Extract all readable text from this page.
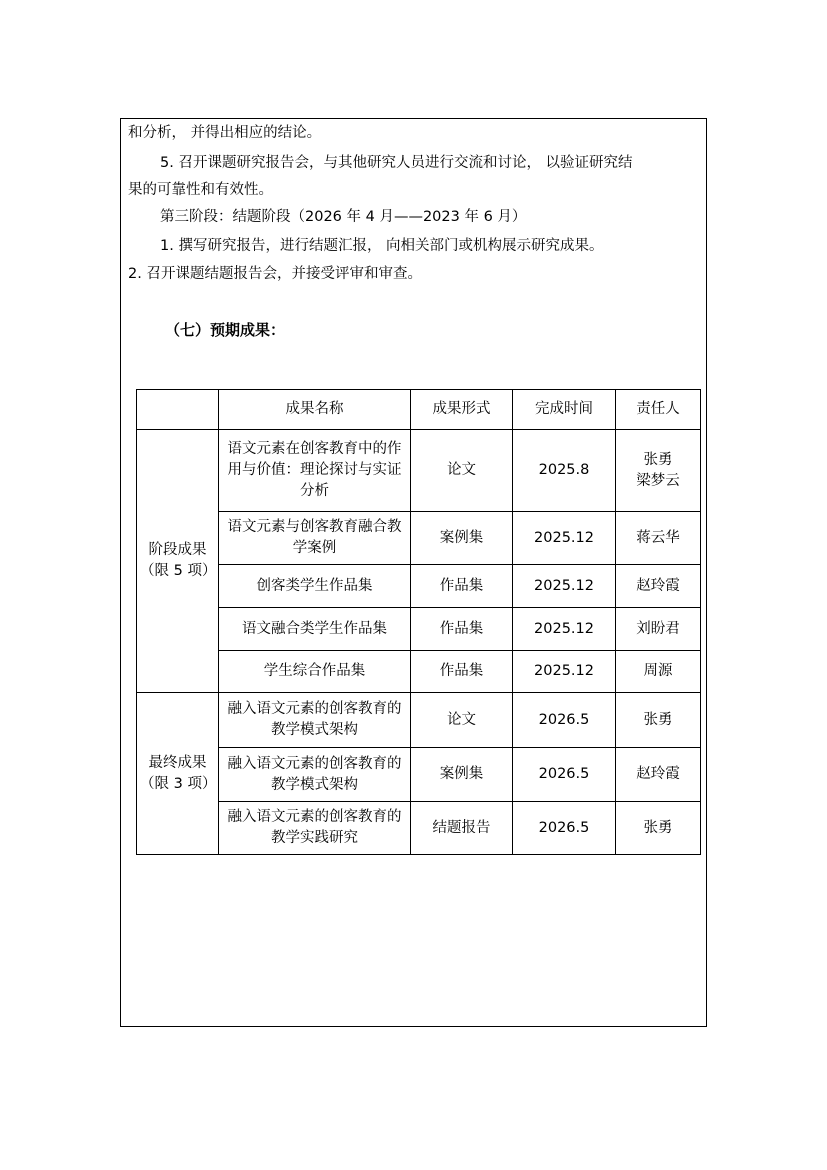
和分析， 并得出相应的结论。
5. 召开课题研究报告会，与其他研究人员进行交流和讨论， 以验证研究结
果的可靠性和有效性。
第三阶段：结题阶段（2026 年 4 月——2023 年 6 月）
1. 撰写研究报告，进行结题汇报， 向相关部门或机构展示研究成果。
2. 召开课题结题报告会，并接受评审和审查。
（七）预期成果：
	成果名称	成果形式	完成时间	责任人

阶段成果
（限 5 项）	语文元素在创客教育中的作用与价值：理论探讨与实证分析	论文	2025.8	张勇
梁梦云

	语文元素与创客教育融合教学案例	案例集	2025.12	蒋云华
	创客类学生作品集	作品集	2025.12	赵玲霞
	语文融合类学生作品集	作品集	2025.12	刘盼君
	学生综合作品集	作品集	2025.12	周源

最终成果
（限 3 项）	融入语文元素的创客教育的教学模式架构	论文	2026.5	张勇
	融入语文元素的创客教育的教学模式架构	案例集	2026.5	赵玲霞
	融入语文元素的创客教育的教学实践研究	结题报告	2026.5	张勇
